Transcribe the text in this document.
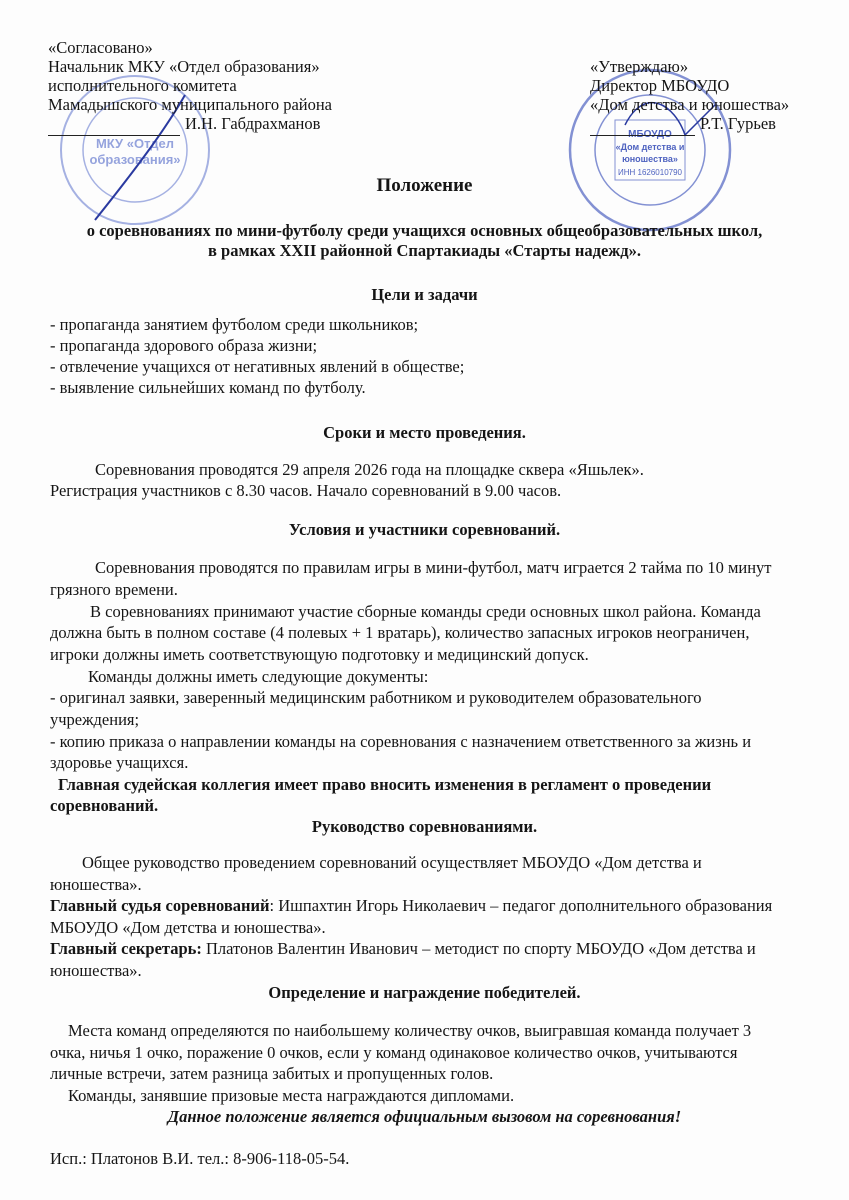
МКУ «Отдел
образования»
«Дом детства и
юношества»
ИНН 1626010790
«Согласовано»
Начальник МКУ «Отдел образования»
исполнительного комитета
Мамадышского муниципального района
И.Н. Габдрахманов
«Утверждаю»
Директор МБОУДО
«Дом детства и юношества»
Р.Т. Гурьев
Положение
о соревнованиях по мини-футболу среди учащихся основных общеобразовательных школ,
в рамках XXII районной Спартакиады «Старты надежд».
Цели и задачи
- пропаганда занятием футболом среди школьников;
- пропаганда здорового образа жизни;
- отвлечение учащихся от негативных явлений в обществе;
- выявление сильнейших команд по футболу.
Сроки и место проведения.
Соревнования проводятся 29 апреля 2026 года на площадке сквера «Яшьлек».
Регистрация участников с 8.30 часов. Начало соревнований в 9.00 часов.
Условия и участники соревнований.
Соревнования проводятся по правилам игры в мини-футбол, матч играется 2 тайма по 10 минут
грязного времени.
В соревнованиях принимают участие сборные команды среди основных школ района. Команда
должна быть в полном составе (4 полевых + 1 вратарь), количество запасных игроков неограничен,
игроки должны иметь соответствующую подготовку и медицинский допуск.
Команды должны иметь следующие документы:
- оригинал заявки, заверенный медицинским работником и руководителем образовательного
учреждения;
- копию приказа о направлении команды на соревнования с назначением ответственного за жизнь и
здоровье учащихся.
Главная судейская коллегия имеет право вносить изменения в регламент о проведении
соревнований.
Руководство соревнованиями.
Общее руководство проведением соревнований осуществляет МБОУДО «Дом детства и
юношества».
МБОУДО «Дом детства и юношества».
юношества».
Определение и награждение победителей.
Места команд определяются по наибольшему количеству очков, выигравшая команда получает 3
очка, ничья 1 очко, поражение 0 очков, если у команд одинаковое количество очков, учитываются
личные встречи, затем разница забитых и пропущенных голов.
Команды, занявшие призовые места награждаются дипломами.
Данное положение является официальным вызовом на соревнования!
Исп.: Платонов В.И. тел.: 8-906-118-05-54.
Главный судья соревнований: Ишпахтин Игорь Николаевич – педагог дополнительного образования
Главный секретарь: Платонов Валентин Иванович – методист по спорту МБОУДО «Дом детства и
